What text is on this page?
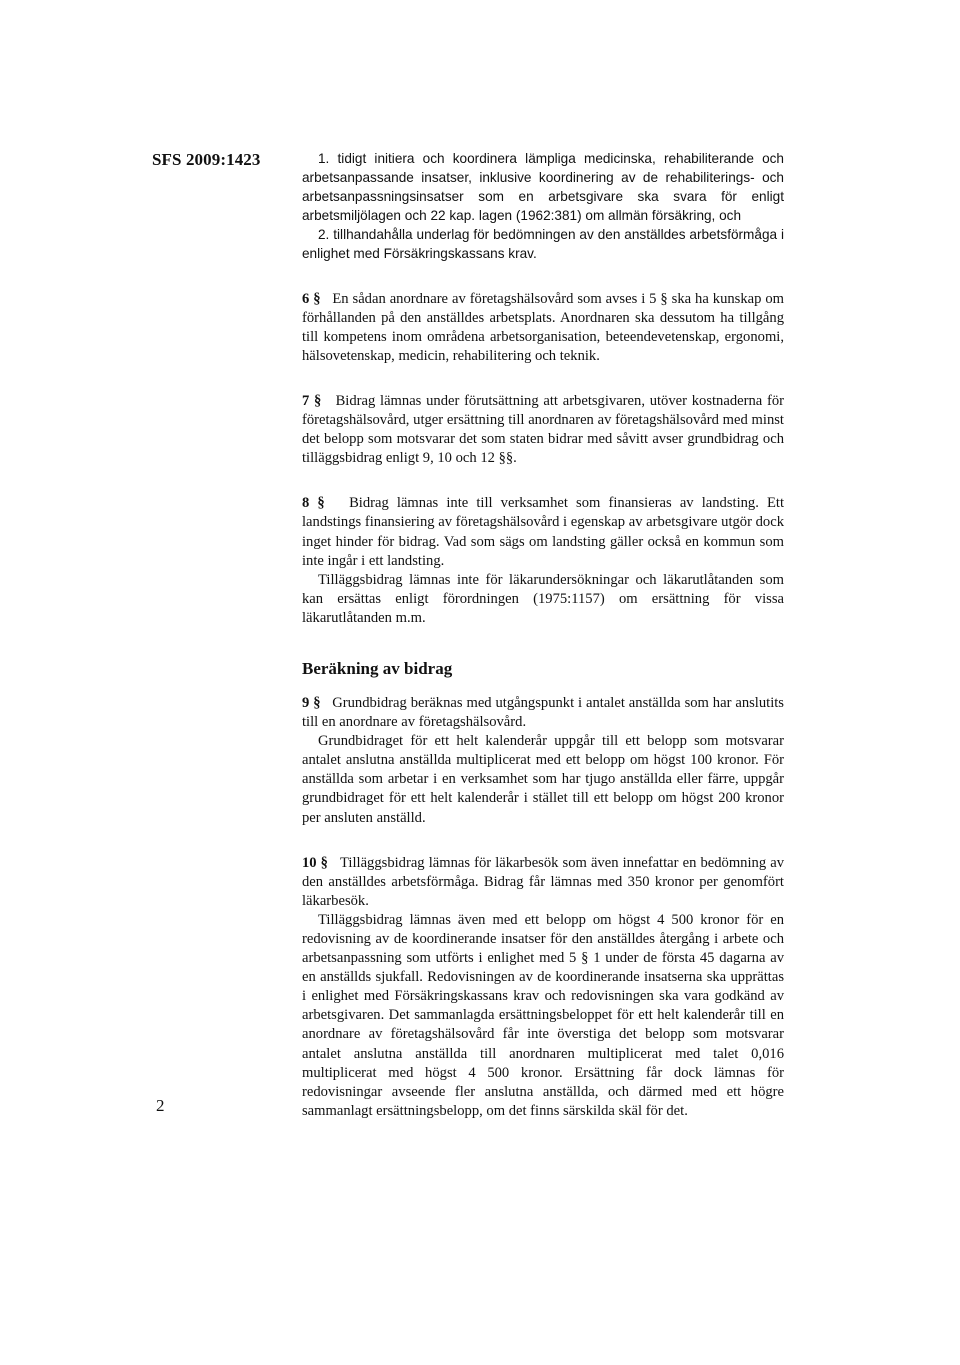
SFS 2009:1423	1. tidigt initiera och koordinera lämpliga medicinska, rehabiliterande och arbetsanpassande insatser, inklusive koordinering av de rehabiliterings- och arbetsanpassningsinsatser som en arbetsgivare ska svara för enligt arbetsmiljölagen och 22 kap. lagen (1962:381) om allmän försäkring, och

2. tillhandahålla underlag för bedömningen av den anställdes arbetsförmåga i enlighet med Försäkringskassans krav.

6 § En sådan anordnare av företagshälsovård som avses i 5 § ska ha kunskap om förhållanden på den anställdes arbetsplats. Anordnaren ska dessutom ha tillgång till kompetens inom områdena arbetsorganisation, beteendevetenskap, ergonomi, hälsovetenskap, medicin, rehabilitering och teknik.

7 § Bidrag lämnas under förutsättning att arbetsgivaren, utöver kostnaderna för företagshälsovård, utger ersättning till anordnaren av företagshälsovård med minst det belopp som motsvarar det som staten bidrar med såvitt avser grundbidrag och tilläggsbidrag enligt 9, 10 och 12 §§.

8 § Bidrag lämnas inte till verksamhet som finansieras av landsting. Ett landstings finansiering av företagshälsovård i egenskap av arbetsgivare utgör dock inget hinder för bidrag. Vad som sägs om landsting gäller också en kommun som inte ingår i ett landsting.

Tilläggsbidrag lämnas inte för läkarundersökningar och läkarutlåtanden som kan ersättas enligt förordningen (1975:1157) om ersättning för vissa läkarutlåtanden m.m.

Beräkning av bidrag

9 § Grundbidrag beräknas med utgångspunkt i antalet anställda som har anslutits till en anordnare av företagshälsovård.

Grundbidraget för ett helt kalenderår uppgår till ett belopp som motsvarar antalet anslutna anställda multiplicerat med ett belopp om högst 100 kronor. För anställda som arbetar i en verksamhet som har tjugo anställda eller färre, uppgår grundbidraget för ett helt kalenderår i stället till ett belopp om högst 200 kronor per ansluten anställd.

10 § Tilläggsbidrag lämnas för läkarbesök som även innefattar en bedömning av den anställdes arbetsförmåga. Bidrag får lämnas med 350 kronor per genomfört läkarbesök.

Tilläggsbidrag lämnas även med ett belopp om högst 4 500 kronor för en redovisning av de koordinerande insatser för den anställdes återgång i arbete och arbetsanpassning som utförts i enlighet med 5 § 1 under de första 45 dagarna av en anställds sjukfall. Redovisningen av de koordinerande insatserna ska upprättas i enlighet med Försäkringskassans krav och redovisningen ska vara godkänd av arbetsgivaren. Det sammanlagda ersättningsbeloppet för ett helt kalenderår till en anordnare av företagshälsovård får inte överstiga det belopp som motsvarar antalet anslutna anställda till anordnaren multiplicerat med talet 0,016 multiplicerat med högst 4 500 kronor. Ersättning får dock lämnas för redovisningar avseende fler anslutna anställda, och därmed med ett högre sammanlagt ersättningsbelopp, om det finns särskilda skäl för det.

2
